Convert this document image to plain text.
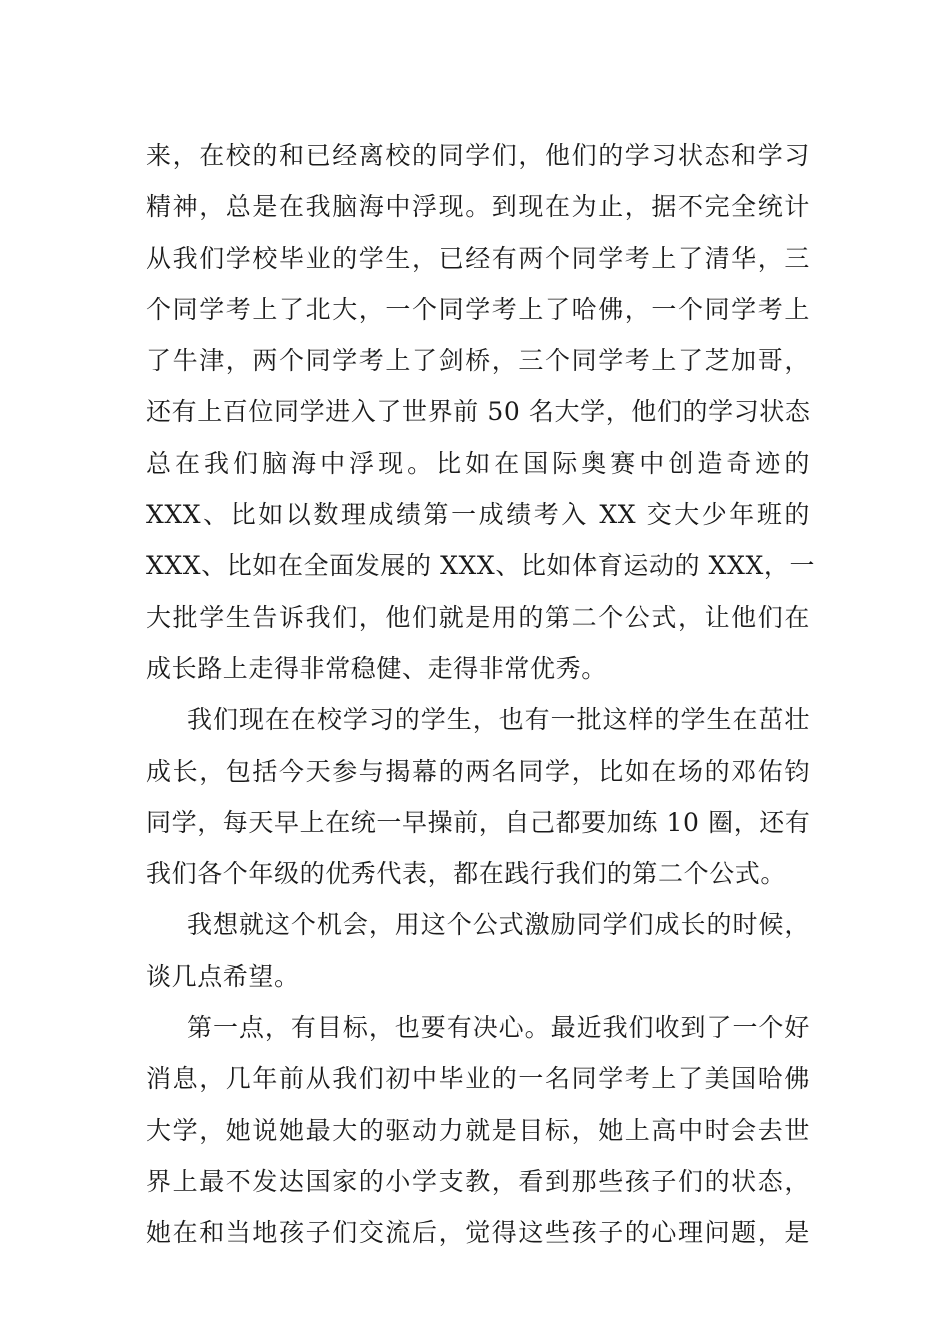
来，在校的和已经离校的同学们，他们的学习状态和学习
精神，总是在我脑海中浮现。到现在为止，据不完全统计
从我们学校毕业的学生，已经有两个同学考上了清华，三
个同学考上了北大，一个同学考上了哈佛，一个同学考上
了牛津，两个同学考上了剑桥，三个同学考上了芝加哥，
还有上百位同学进入了世界前 50 名大学，他们的学习状态
总在我们脑海中浮现。比如在国际奥赛中创造奇迹的
XXX、比如以数理成绩第一成绩考入 XX 交大少年班的
XXX、比如在全面发展的 XXX、比如体育运动的 XXX，一
大批学生告诉我们，他们就是用的第二个公式，让他们在
成长路上走得非常稳健、走得非常优秀。
我们现在在校学习的学生，也有一批这样的学生在茁壮
成长，包括今天参与揭幕的两名同学，比如在场的邓佑钧
同学，每天早上在统一早操前，自己都要加练 10 圈，还有
我们各个年级的优秀代表，都在践行我们的第二个公式。
我想就这个机会，用这个公式激励同学们成长的时候，
谈几点希望。
第一点，有目标，也要有决心。最近我们收到了一个好
消息，几年前从我们初中毕业的一名同学考上了美国哈佛
大学，她说她最大的驱动力就是目标，她上高中时会去世
界上最不发达国家的小学支教，看到那些孩子们的状态，
她在和当地孩子们交流后，觉得这些孩子的心理问题，是
